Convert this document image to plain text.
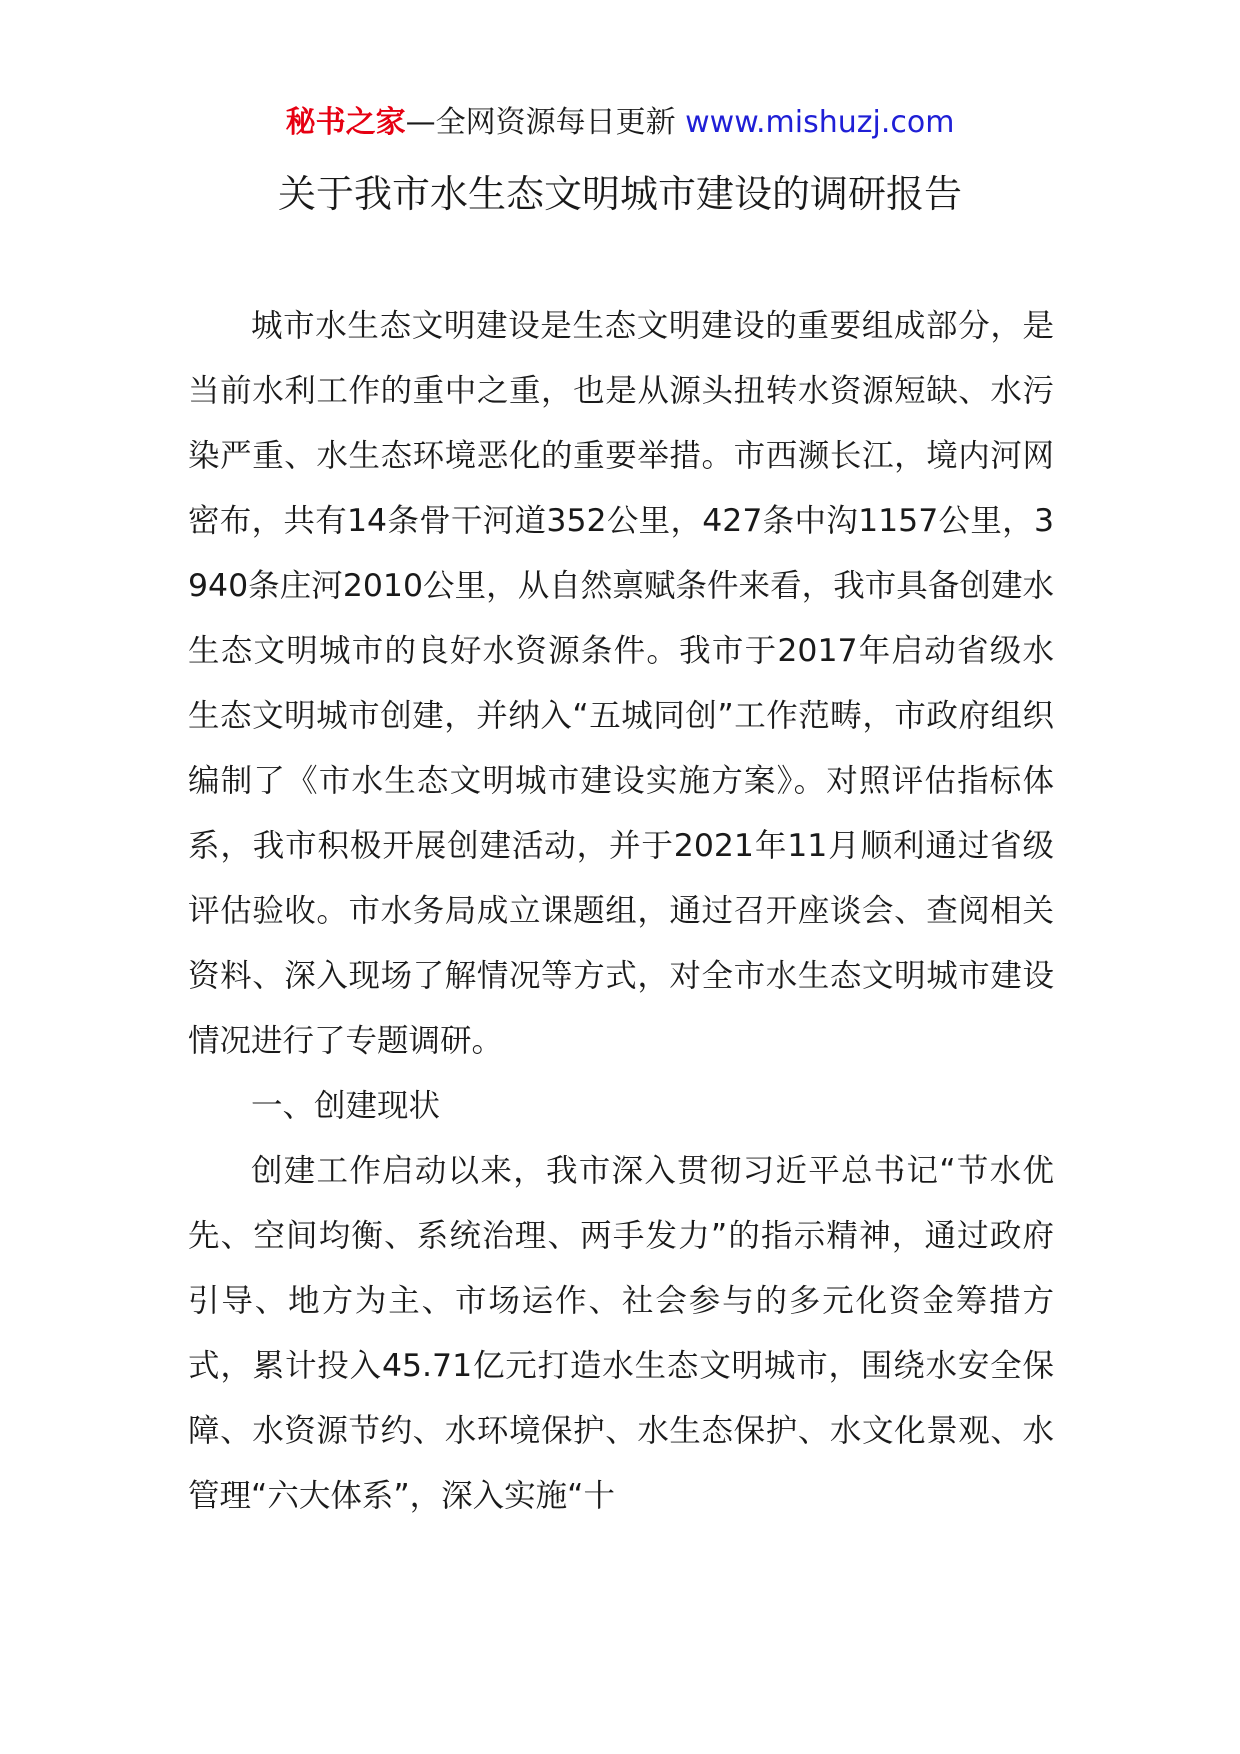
秘书之家—全网资源每日更新 www.mishuzj.com
关于我市水生态文明城市建设的调研报告

城市水生态文明建设是生态文明建设的重要组成部分，是当前水利工作的重中之重，也是从源头扭转水资源短缺、水污染严重、水生态环境恶化的重要举措。市西濒长江，境内河网密布，共有14条骨干河道352公里，427条中沟1157公里，3940条庄河2010公里，从自然禀赋条件来看，我市具备创建水生态文明城市的良好水资源条件。我市于2017年启动省级水生态文明城市创建，并纳入“五城同创”工作范畴，市政府组织编制了《市水生态文明城市建设实施方案》。对照评估指标体系，我市积极开展创建活动，并于2021年11月顺利通过省级评估验收。市水务局成立课题组，通过召开座谈会、查阅相关资料、深入现场了解情况等方式，对全市水生态文明城市建设情况进行了专题调研。

一、创建现状

创建工作启动以来，我市深入贯彻习近平总书记“节水优先、空间均衡、系统治理、两手发力”的指示精神，通过政府引导、地方为主、市场运作、社会参与的多元化资金筹措方式，累计投入45.71亿元打造水生态文明城市，围绕水安全保障、水资源节约、水环境保护、水生态保护、水文化景观、水管理“六大体系”，深入实施“十
